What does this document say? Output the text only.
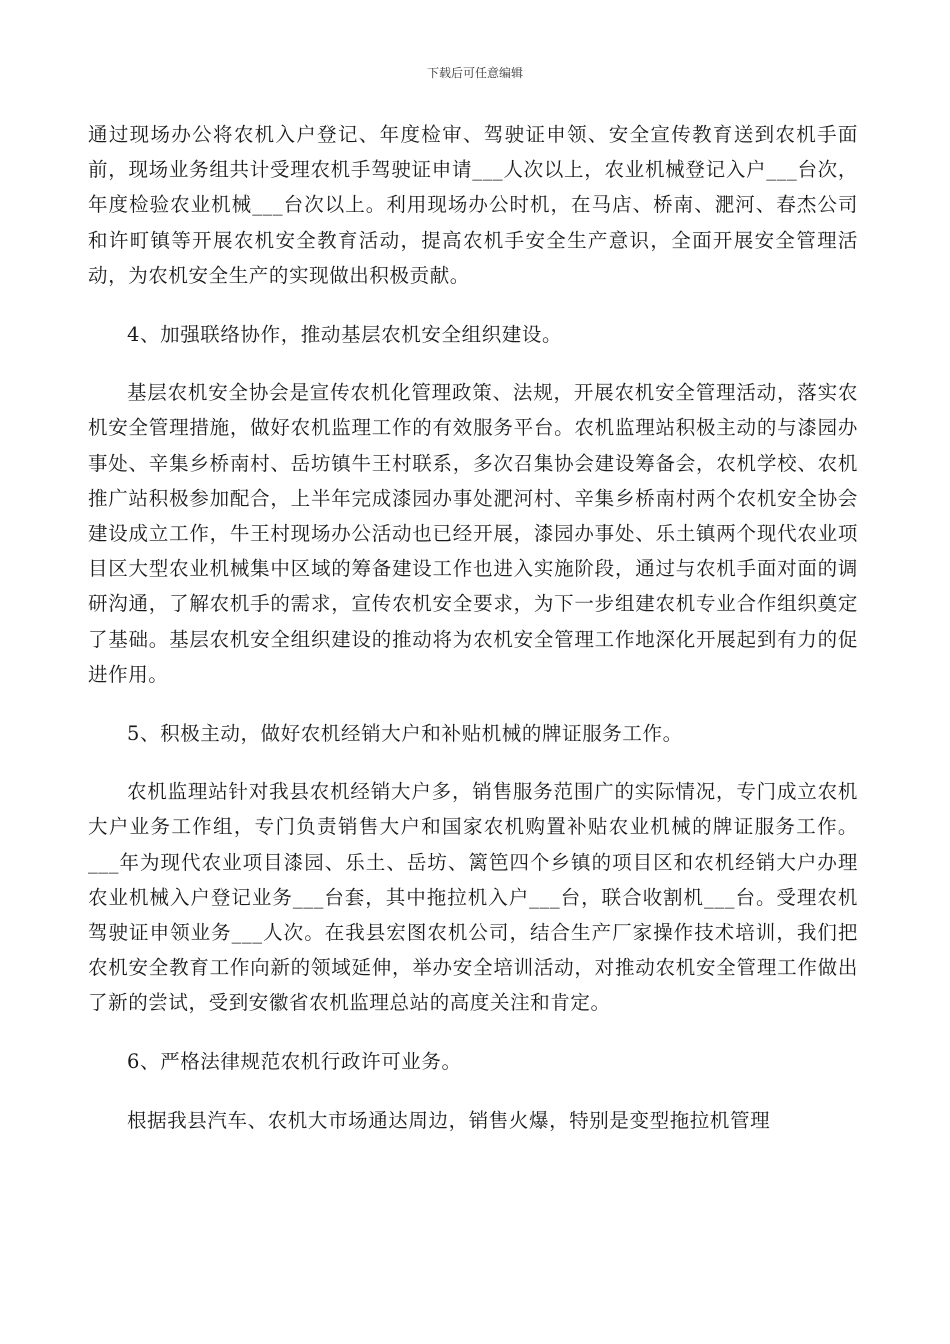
下载后可任意编辑

通过现场办公将农机入户登记、年度检审、驾驶证申领、安全宣传教育送到农机手面前，现场业务组共计受理农机手驾驶证申请___人次以上，农业机械登记入户___台次，年度检验农业机械___台次以上。利用现场办公时机，在马店、桥南、淝河、春杰公司和许町镇等开展农机安全教育活动，提高农机手安全生产意识，全面开展安全管理活动，为农机安全生产的实现做出积极贡献。

4、加强联络协作，推动基层农机安全组织建设。

基层农机安全协会是宣传农机化管理政策、法规，开展农机安全管理活动，落实农机安全管理措施，做好农机监理工作的有效服务平台。农机监理站积极主动的与漆园办事处、辛集乡桥南村、岳坊镇牛王村联系，多次召集协会建设筹备会，农机学校、农机推广站积极参加配合，上半年完成漆园办事处淝河村、辛集乡桥南村两个农机安全协会建设成立工作，牛王村现场办公活动也已经开展，漆园办事处、乐土镇两个现代农业项目区大型农业机械集中区域的筹备建设工作也进入实施阶段，通过与农机手面对面的调研沟通，了解农机手的需求，宣传农机安全要求，为下一步组建农机专业合作组织奠定了基础。基层农机安全组织建设的推动将为农机安全管理工作地深化开展起到有力的促进作用。

5、积极主动，做好农机经销大户和补贴机械的牌证服务工作。

农机监理站针对我县农机经销大户多，销售服务范围广的实际情况，专门成立农机大户业务工作组，专门负责销售大户和国家农机购置补贴农业机械的牌证服务工作。___年为现代农业项目漆园、乐土、岳坊、篱笆四个乡镇的项目区和农机经销大户办理农业机械入户登记业务___台套，其中拖拉机入户___台，联合收割机___台。受理农机驾驶证申领业务___人次。在我县宏图农机公司，结合生产厂家操作技术培训，我们把农机安全教育工作向新的领域延伸，举办安全培训活动，对推动农机安全管理工作做出了新的尝试，受到安徽省农机监理总站的高度关注和肯定。

6、严格法律规范农机行政许可业务。

根据我县汽车、农机大市场通达周边，销售火爆，特别是变型拖拉机管理
